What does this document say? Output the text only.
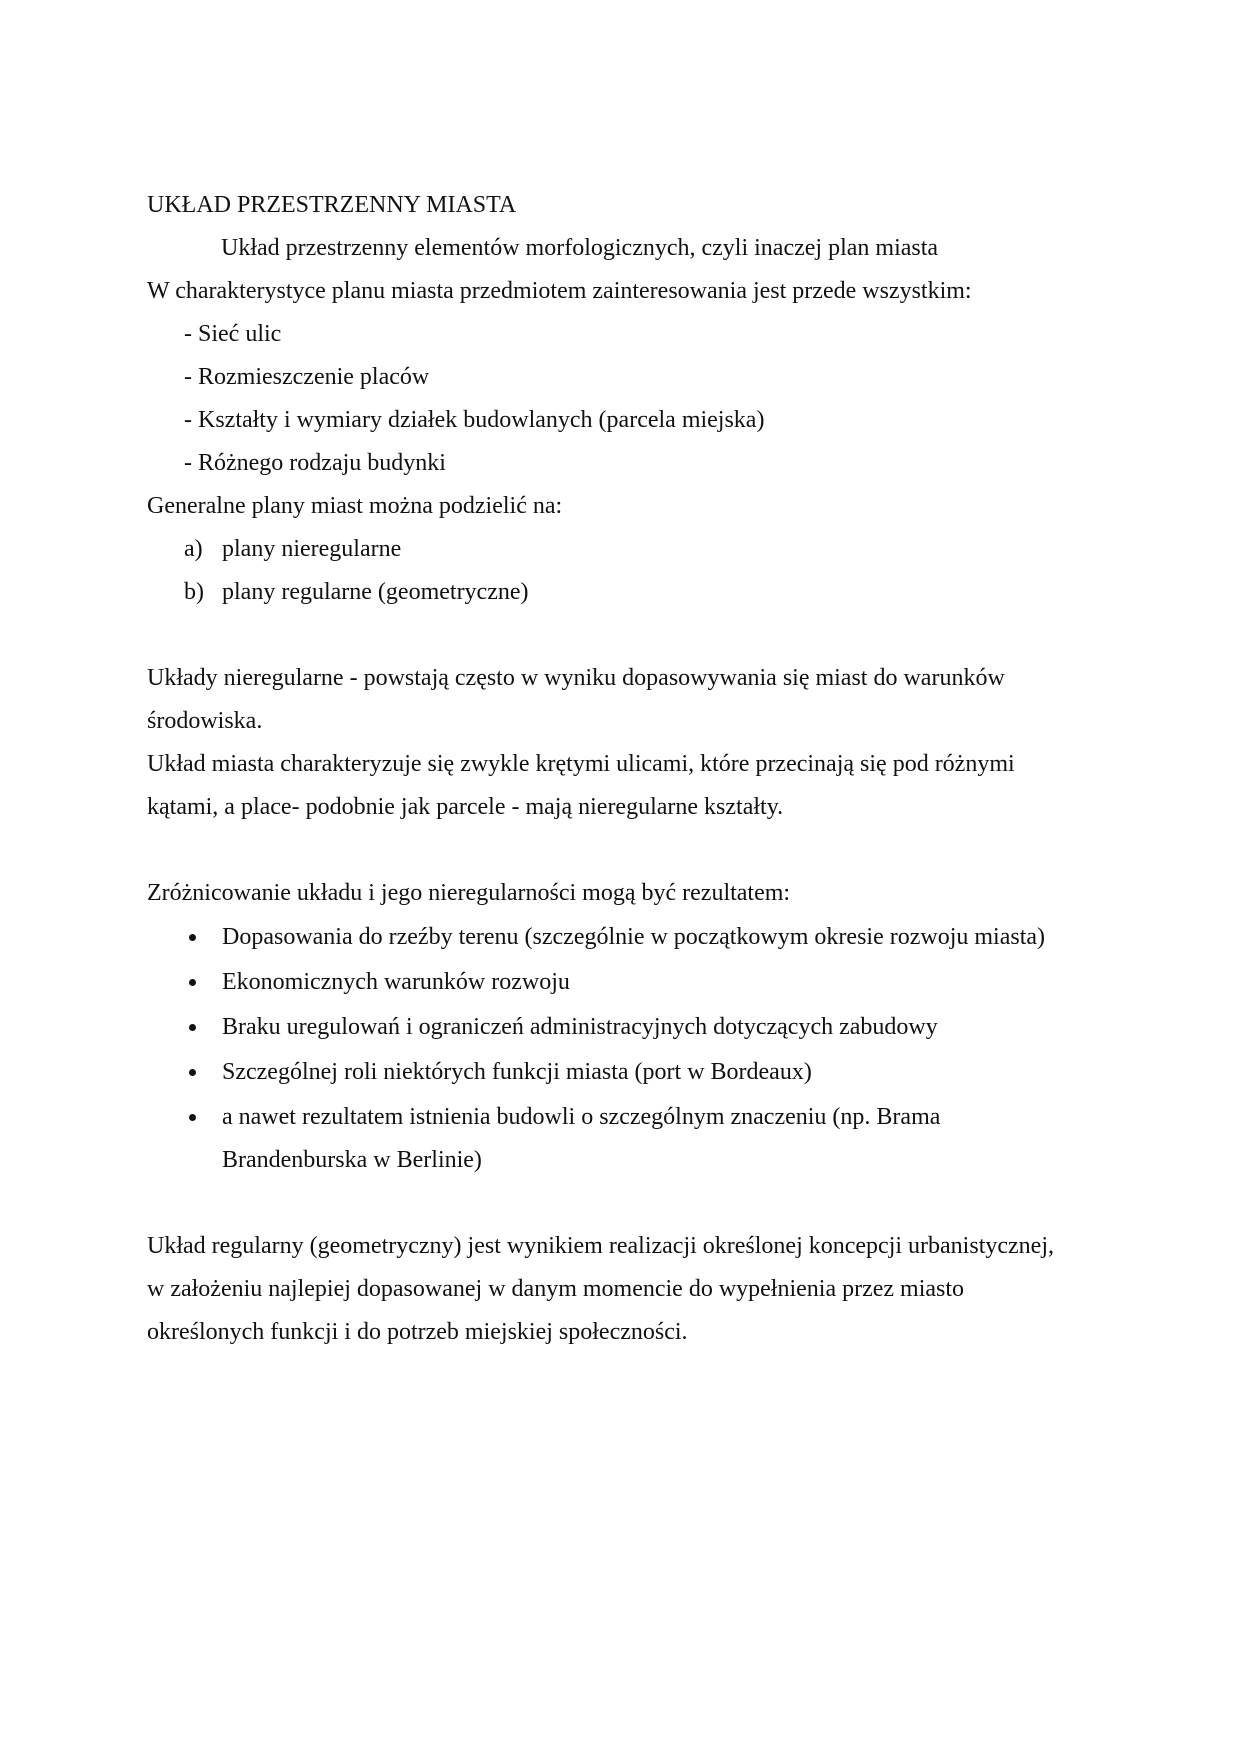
UKŁAD PRZESTRZENNY MIASTA
Układ przestrzenny elementów morfologicznych, czyli inaczej plan miasta
W charakterystyce planu miasta przedmiotem zainteresowania jest przede wszystkim:
- Sieć ulic
- Rozmieszczenie placów
- Kształty i wymiary działek budowlanych (parcela miejska)
- Różnego rodzaju budynki
Generalne plany miast można podzielić na:
a) plany nieregularne
b) plany regularne (geometryczne)
Układy nieregularne - powstają często w wyniku dopasowywania się miast do warunków
środowiska.
Układ miasta charakteryzuje się zwykle krętymi ulicami, które przecinają się pod różnymi
kątami, a place- podobnie jak parcele - mają nieregularne kształty.
Zróżnicowanie układu i jego nieregularności mogą być rezultatem:
Dopasowania do rzeźby terenu (szczególnie w początkowym okresie rozwoju miasta)
Ekonomicznych warunków rozwoju
Braku uregulowań i ograniczeń administracyjnych dotyczących zabudowy
Szczególnej roli niektórych funkcji miasta (port w Bordeaux)
a nawet rezultatem istnienia budowli o szczególnym znaczeniu (np. Brama
Brandenburska w Berlinie)
Układ regularny (geometryczny) jest wynikiem realizacji określonej koncepcji urbanistycznej,
w założeniu najlepiej dopasowanej w danym momencie do wypełnienia przez miasto
określonych funkcji i do potrzeb miejskiej społeczności.
